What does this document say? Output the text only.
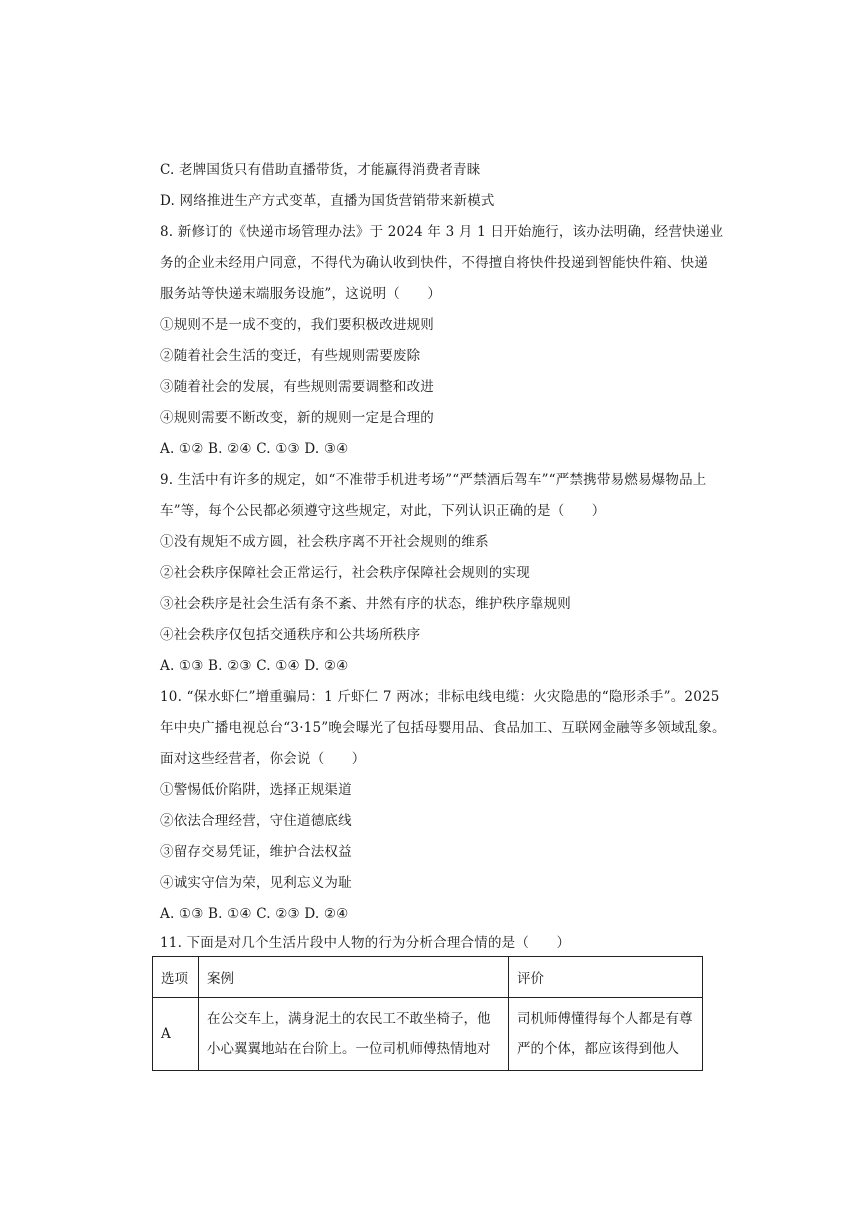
C. 老牌国货只有借助直播带货，才能赢得消费者青睐
D. 网络推进生产方式变革，直播为国货营销带来新模式
8. 新修订的《快递市场管理办法》于 2024 年 3 月 1 日开始施行，该办法明确，经营快递业
务的企业未经用户同意，不得代为确认收到快件，不得擅自将快件投递到智能快件箱、快递
服务站等快递末端服务设施”，这说明（　　）
①规则不是一成不变的，我们要积极改进规则
②随着社会生活的变迁，有些规则需要废除
③随着社会的发展，有些规则需要调整和改进
④规则需要不断改变，新的规则一定是合理的
A. ①② B. ②④ C. ①③ D. ③④
9. 生活中有许多的规定，如“不准带手机进考场”“严禁酒后驾车”“严禁携带易燃易爆物品上
车”等，每个公民都必须遵守这些规定，对此，下列认识正确的是（　　）
①没有规矩不成方圆，社会秩序离不开社会规则的维系
②社会秩序保障社会正常运行，社会秩序保障社会规则的实现
③社会秩序是社会生活有条不紊、井然有序的状态，维护秩序靠规则
④社会秩序仅包括交通秩序和公共场所秩序
A. ①③ B. ②③ C. ①④ D. ②④
10. “保水虾仁”增重骗局：1 斤虾仁 7 两冰；非标电线电缆：火灾隐患的“隐形杀手”。2025
年中央广播电视总台“3·15”晚会曝光了包括母婴用品、食品加工、互联网金融等多领域乱象。
面对这些经营者，你会说（　　）
①警惕低价陷阱，选择正规渠道
②依法合理经营，守住道德底线
③留存交易凭证，维护合法权益
④诚实守信为荣，见利忘义为耻
A. ①③ B. ①④ C. ②③ D. ②④
11. 下面是对几个生活片段中人物的行为分析合理合情的是（　　）
选项	案例	评价
A	在公交车上，满身泥土的农民工不敢坐椅子，他小心翼翼地站在台阶上。一位司机师傅热情地对	司机师傅懂得每个人都是有尊严的个体，都应该得到他人
